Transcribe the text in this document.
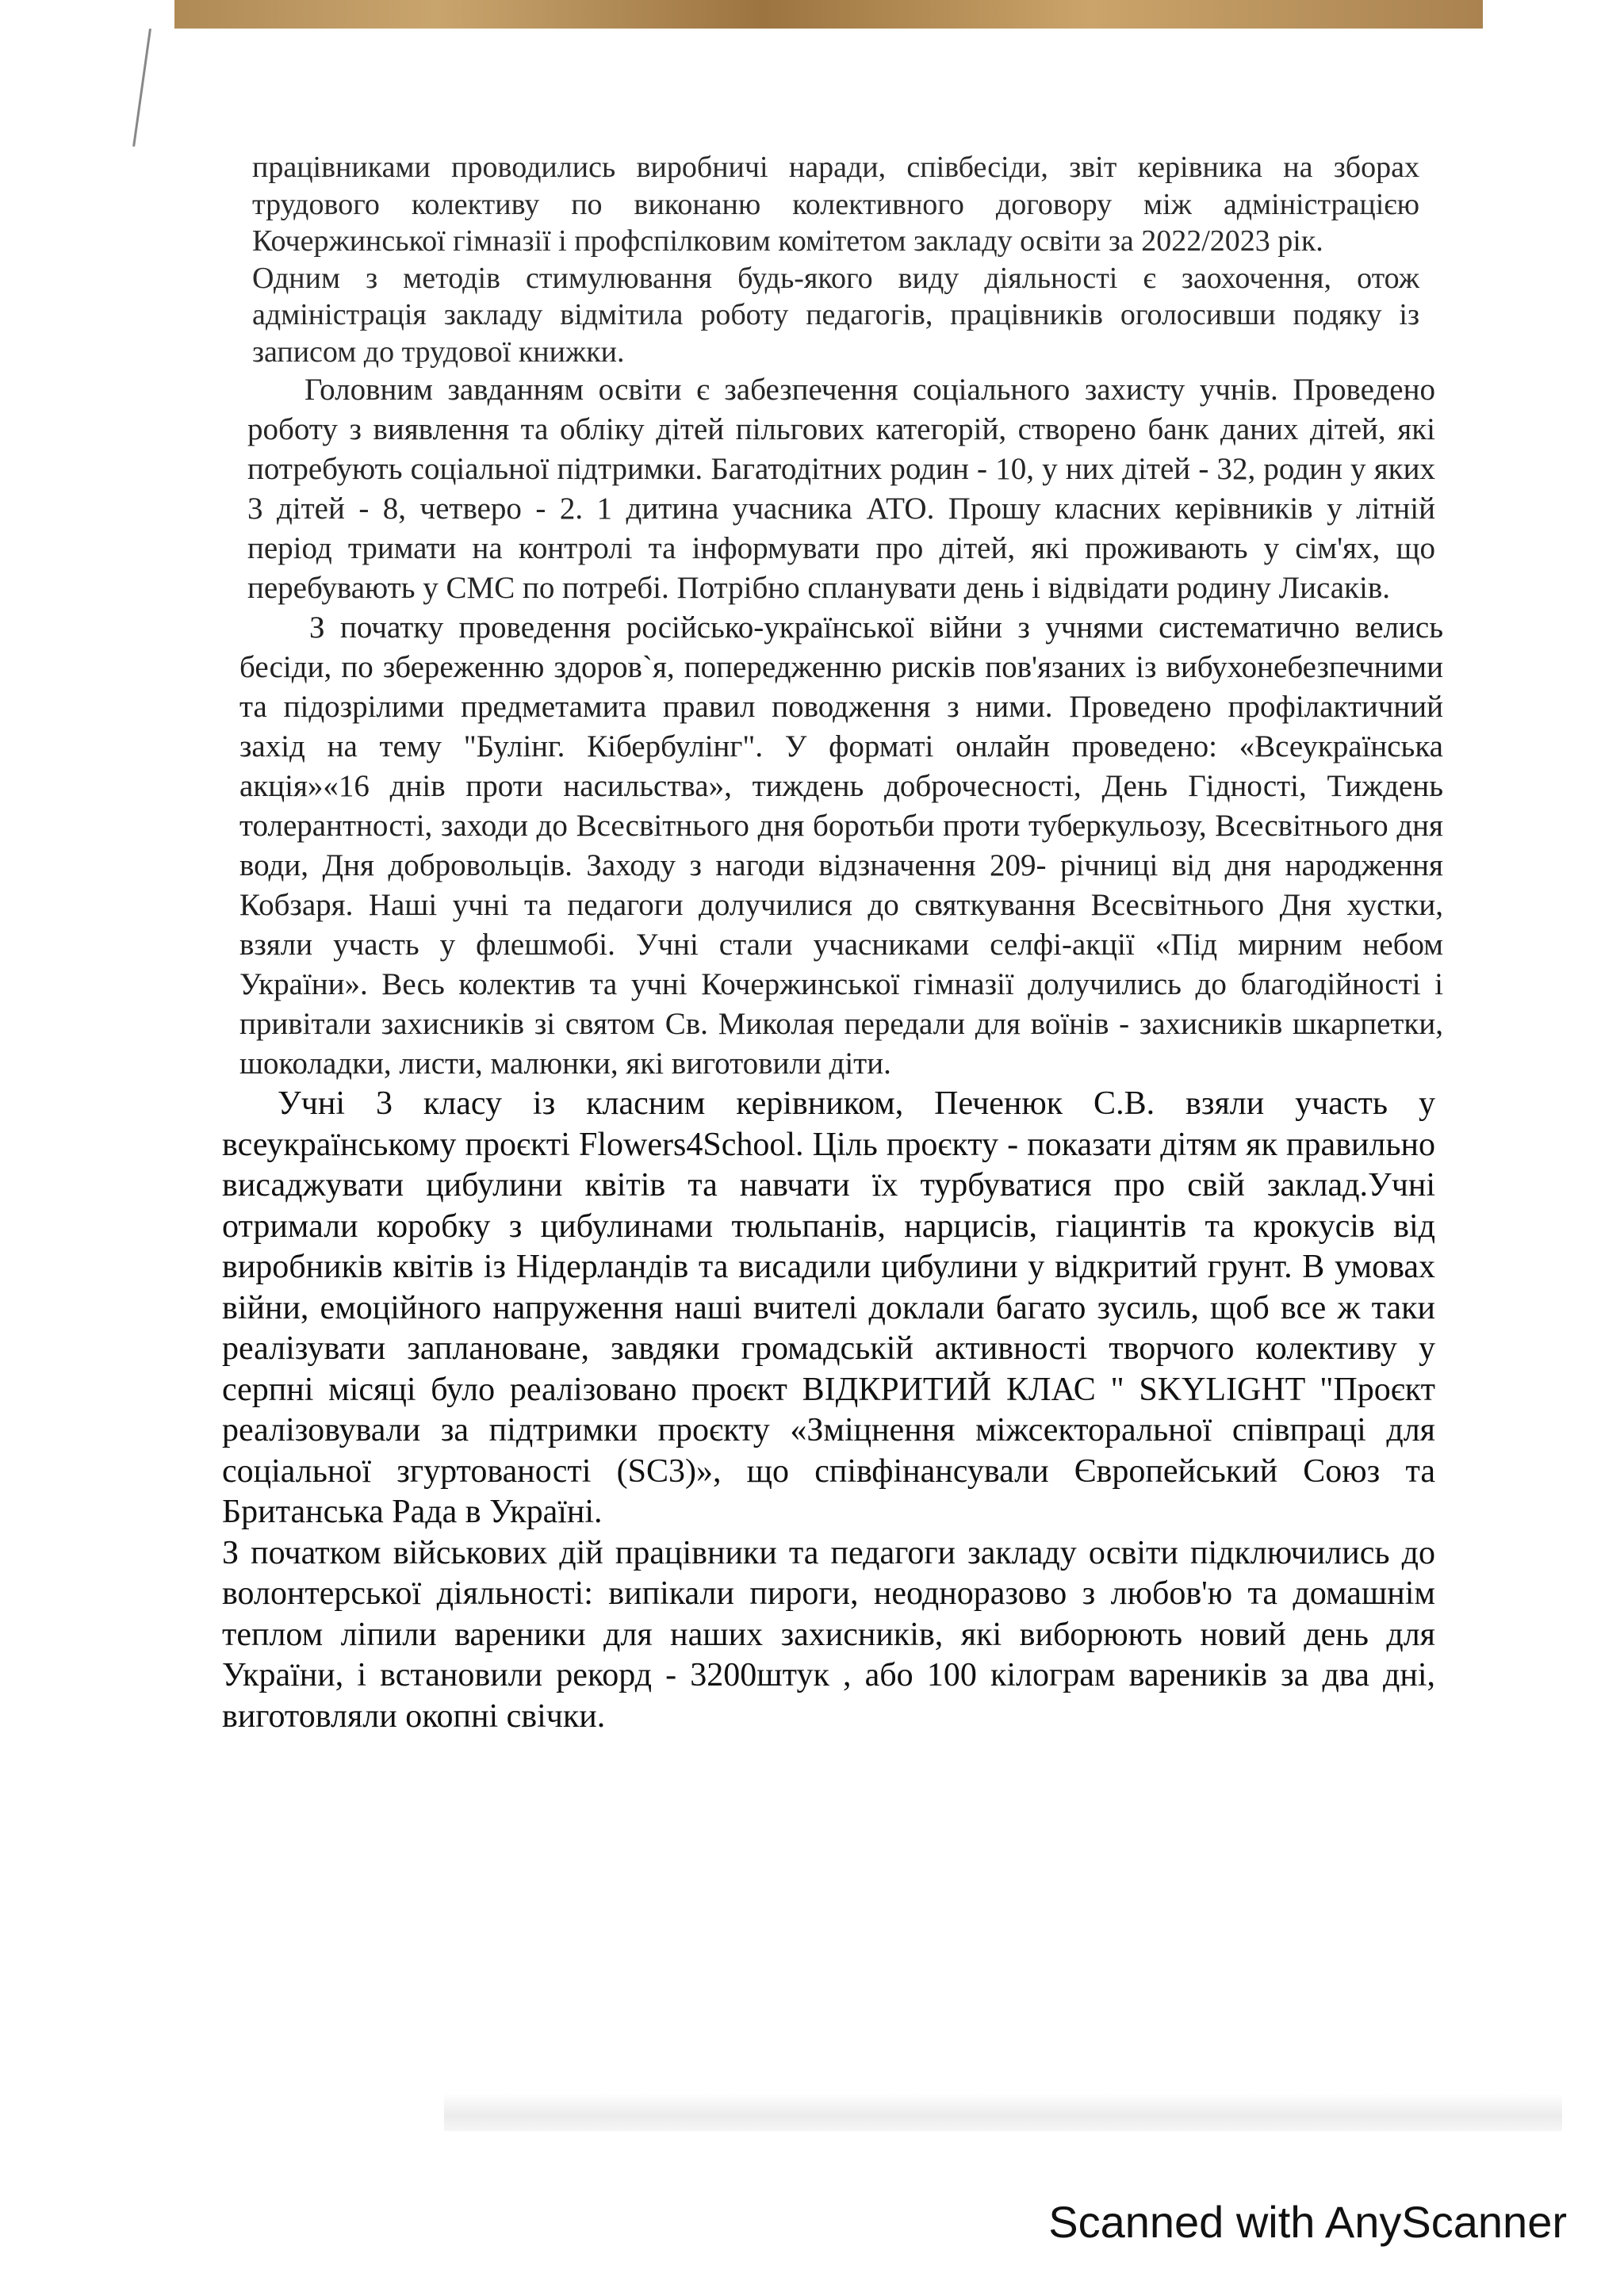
працівниками проводились виробничі наради, співбесіди, звіт керівника на зборах трудового колективу по виконаню колективного договору між адміністрацією Кочержинської гімназії і профспілковим комітетом закладу освіти за 2022/2023 рік.

Одним з методів стимулювання будь-якого виду діяльності є заохочення, отож адміністрація закладу відмітила роботу педагогів, працівників оголосивши подяку із записом до трудової книжки.

Головним завданням освіти є забезпечення соціального захисту учнів. Проведено роботу з виявлення та обліку дітей пільгових категорій, створено банк даних дітей, які потребують соціальної підтримки. Багатодітних родин - 10, у них дітей - 32, родин у яких 3 дітей - 8, четверо - 2. 1 дитина учасника АТО. Прошу класних керівників у літній період тримати на контролі та інформувати про дітей, які проживають у сім'ях, що перебувають у СМС по потребі. Потрібно спланувати день і відвідати родину Лисаків.

З початку проведення російсько-української війни з учнями систематично велись бесіди, по збереженню здоров`я, попередженню рисків пов'язаних із вибухонебезпечними та підозрілими предметамита правил поводження з ними. Проведено профілактичний захід на тему "Булінг. Кібербулінг". У форматі онлайн проведено: «Всеукраїнська акція»«16 днів проти насильства», тиждень доброчесності, День Гідності, Тиждень толерантності, заходи до Всесвітнього дня боротьби проти туберкульозу, Всесвітнього дня води, Дня добровольців. Заходу з нагоди відзначення 209- річниці від дня народження Кобзаря. Наші учні та педагоги долучилися до святкування Всесвітнього Дня хустки, взяли участь у флешмобі. Учні стали учасниками селфі-акції «Під мирним небом України». Весь колектив та учні Кочержинської гімназії долучились до благодійності і привітали захисників зі святом Св. Миколая передали для воїнів - захисників шкарпетки, шоколадки, листи, малюнки, які виготовили діти.

Учні 3 класу із класним керівником, Печенюк С.В. взяли участь у всеукраїнському проєкті Flowers4School. Ціль проєкту - показати дітям як правильно висаджувати цибулини квітів та навчати їх турбуватися про свій заклад.Учні отримали коробку з цибулинами тюльпанів, нарцисів, гіацинтів та крокусів від виробників квітів із Нідерландів та висадили цибулини у відкритий грунт. В умовах війни, емоційного напруження наші вчителі доклали багато зусиль, щоб все ж таки реалізувати заплановане, завдяки громадській активності творчого колективу у серпні місяці було реалізовано проєкт ВІДКРИТИЙ КЛАС " SKYLIGHT "Проєкт реалізовували за підтримки проєкту «Зміцнення міжсекторальної співпраці для соціальної згуртованості (SC3)», що співфінансували Європейський Союз та Британська Рада в Україні.

З початком військових дій працівники та педагоги закладу освіти підключились до волонтерської діяльності: випікали пироги, неодноразово з любов'ю та домашнім теплом ліпили вареники для наших захисників, які виборюють новий день для України, і встановили рекорд - 3200штук , або 100 кілограм вареників за два дні, виготовляли окопні свічки.

Scanned with AnyScanner
